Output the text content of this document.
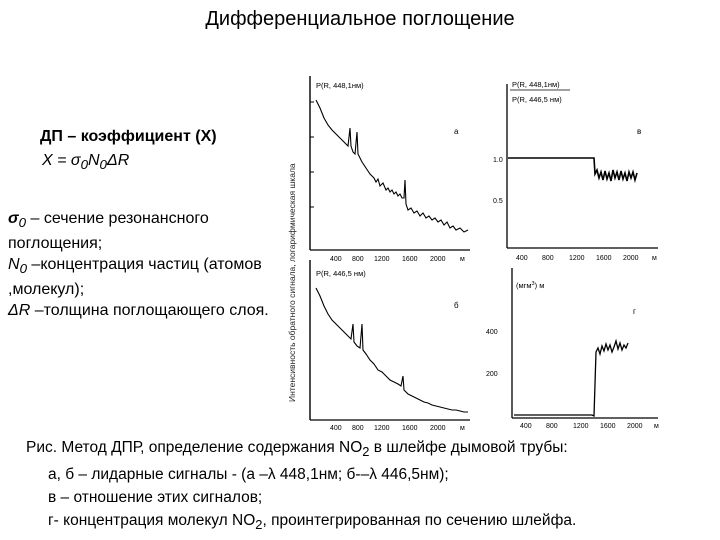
Дифференциальное поглощение
ДП – коэффициент (X)
$X = \sigma_0N_0\Delta R$
$\sigma_0$ – сечение резонансного поглощения;
$N_0$ –концентрация частиц (атомов ,молекул);
ΔR –толщина поглощающего слоя.	Интенсивность обратного сигнала, логарифмическая шкала
P(R, 448,1нм)
а
400 800 1200 1600 2000 м
P(R, 446,5 нм)
б
400 800 1200 1600 2000 м
P(R, 448,1нм)
P(R, 446,5 нм)
в
1.0
0.5
400 800 1200 1600 2000 м
(мгм$^3$) м
г
400
200
400 800 1200 1600 2000 м
Рис. Метод ДПР, определение содержания $NO_2$ в шлейфе дымовой трубы:
а, б – лидарные сигналы - (а –λ 448,1нм; б-–λ 446,5нм);
в – отношение этих сигналов;
г- концентрация молекул $NO_2$, проинтегрированная по сечению шлейфа.
